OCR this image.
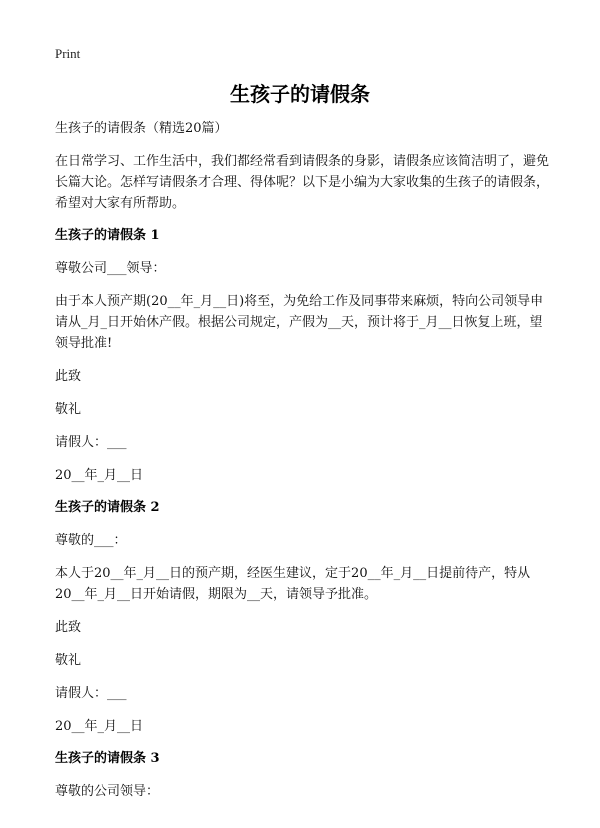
Print
生孩子的请假条

生孩子的请假条（精选20篇）

在日常学习、工作生活中，我们都经常看到请假条的身影，请假条应该简洁明了，避免长篇大论。怎样写请假条才合理、得体呢？以下是小编为大家收集的生孩子的请假条，希望对大家有所帮助。

生孩子的请假条 1

尊敬公司___领导：

由于本人预产期(20__年_月__日)将至，为免给工作及同事带来麻烦，特向公司领导申请从_月_日开始休产假。根据公司规定，产假为__天，预计将于_月__日恢复上班，望领导批准!

此致

敬礼

请假人：___

20__年_月__日

生孩子的请假条 2

尊敬的___：

本人于20__年_月__日的预产期，经医生建议，定于20__年_月__日提前待产，特从20__年_月__日开始请假，期限为__天，请领导予批准。

此致

敬礼

请假人：___

20__年_月__日

生孩子的请假条 3

尊敬的公司领导：
